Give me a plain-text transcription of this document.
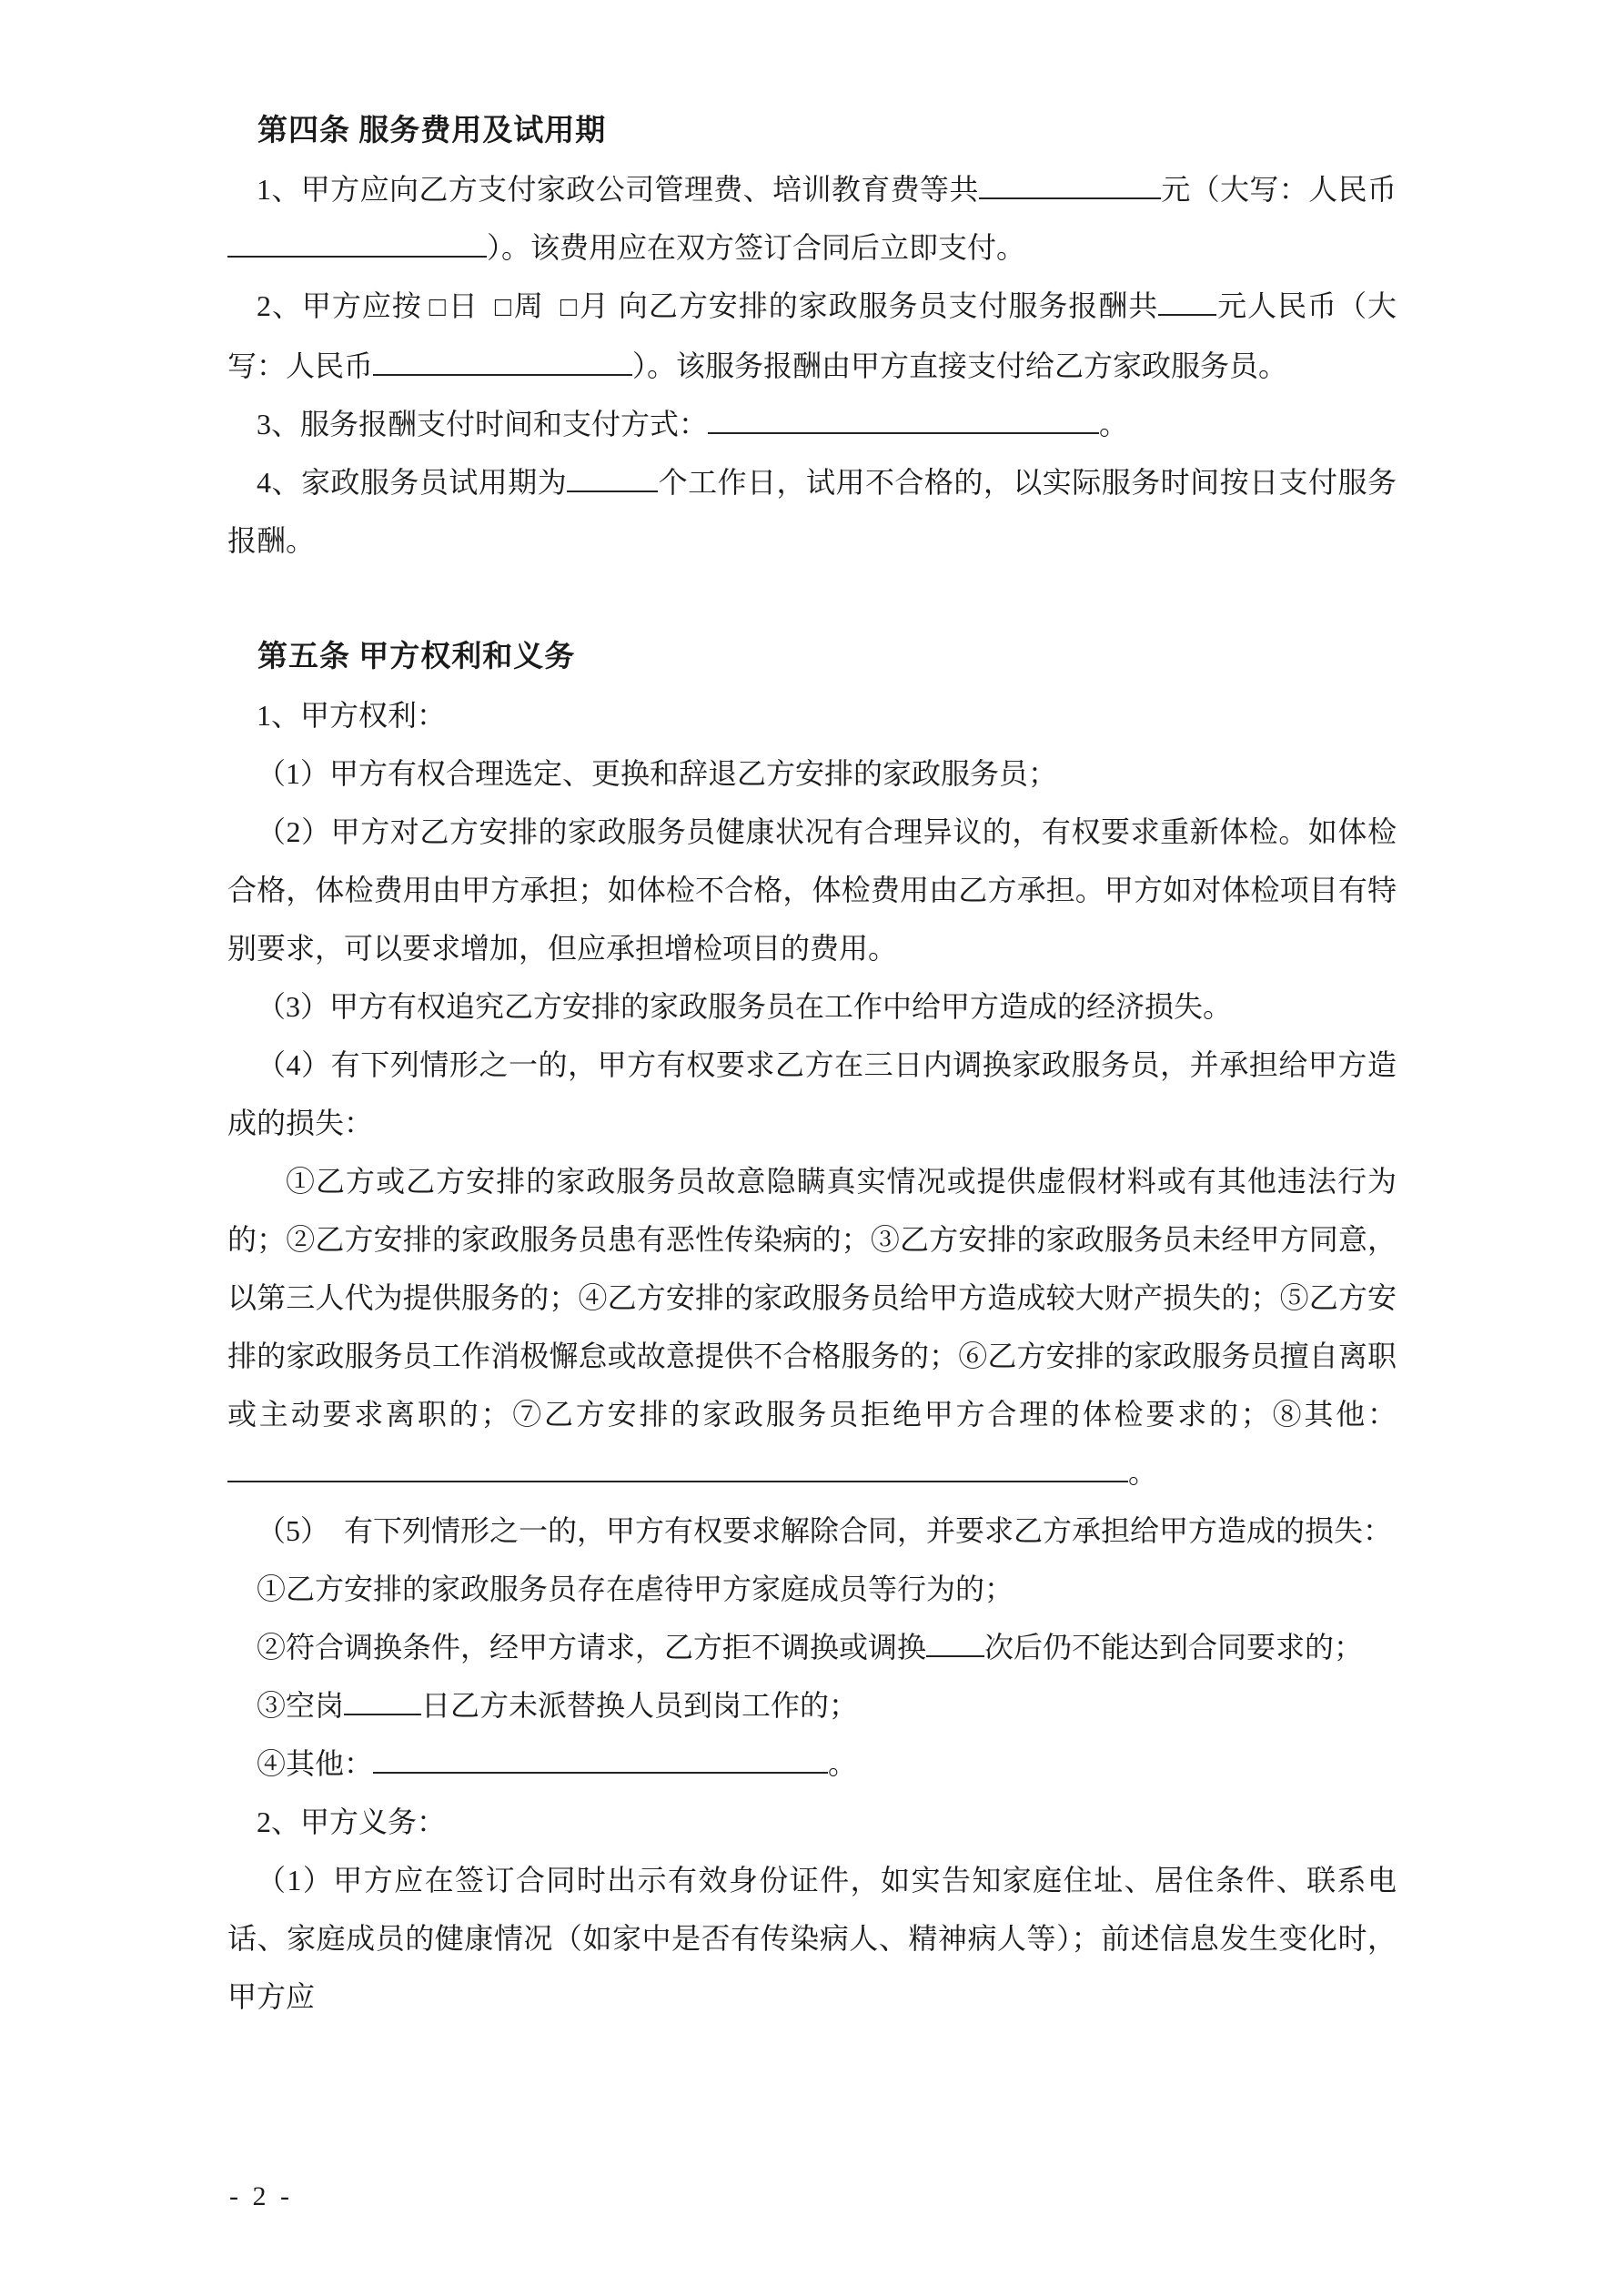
第四条 服务费用及试用期

1、甲方应向乙方支付家政公司管理费、培训教育费等共	元（大写：人民币）。该费用应在双方签订合同后立即支付。

2、甲方应按 □日 □周 □月 向乙方安排的家政服务员支付服务报酬共 元人民币（大写：人民币	）。该服务报酬由甲方直接支付给乙方家政服务员。

3、服务报酬支付时间和支付方式：	。

4、家政服务员试用期为	个工作日，试用不合格的，以实际服务时间按日支付服务报酬。

第五条 甲方权利和义务

1、甲方权利：

（1）甲方有权合理选定、更换和辞退乙方安排的家政服务员；

（2）甲方对乙方安排的家政服务员健康状况有合理异议的，有权要求重新体检。如体检合格，体检费用由甲方承担；如体检不合格，体检费用由乙方承担。甲方如对体检项目有特别要求，可以要求增加，但应承担增检项目的费用。

（3）甲方有权追究乙方安排的家政服务员在工作中给甲方造成的经济损失。

（4）有下列情形之一的，甲方有权要求乙方在三日内调换家政服务员，并承担给甲方造成的损失：

①乙方或乙方安排的家政服务员故意隐瞒真实情况或提供虚假材料或有其他违法行为的；②乙方安排的家政服务员患有恶性传染病的；③乙方安排的家政服务员未经甲方同意，以第三人代为提供服务的；④乙方安排的家政服务员给甲方造成较大财产损失的；⑤乙方安排的家政服务员工作消极懈怠或故意提供不合格服务的；⑥乙方安排的家政服务员擅自离职或主动要求离职的；⑦乙方安排的家政服务员拒绝甲方合理的体检要求的；⑧其他：。

（5）　有下列情形之一的，甲方有权要求解除合同，并要求乙方承担给甲方造成的损失：

①乙方安排的家政服务员存在虐待甲方家庭成员等行为的；

②符合调换条件，经甲方请求，乙方拒不调换或调换 次后仍不能达到合同要求的；

③空岗	日乙方未派替换人员到岗工作的；

④其他：	。

2、甲方义务：

（1）甲方应在签订合同时出示有效身份证件，如实告知家庭住址、居住条件、联系电话、家庭成员的健康情况（如家中是否有传染病人、精神病人等）；前述信息发生变化时，甲方应

- 2 -
